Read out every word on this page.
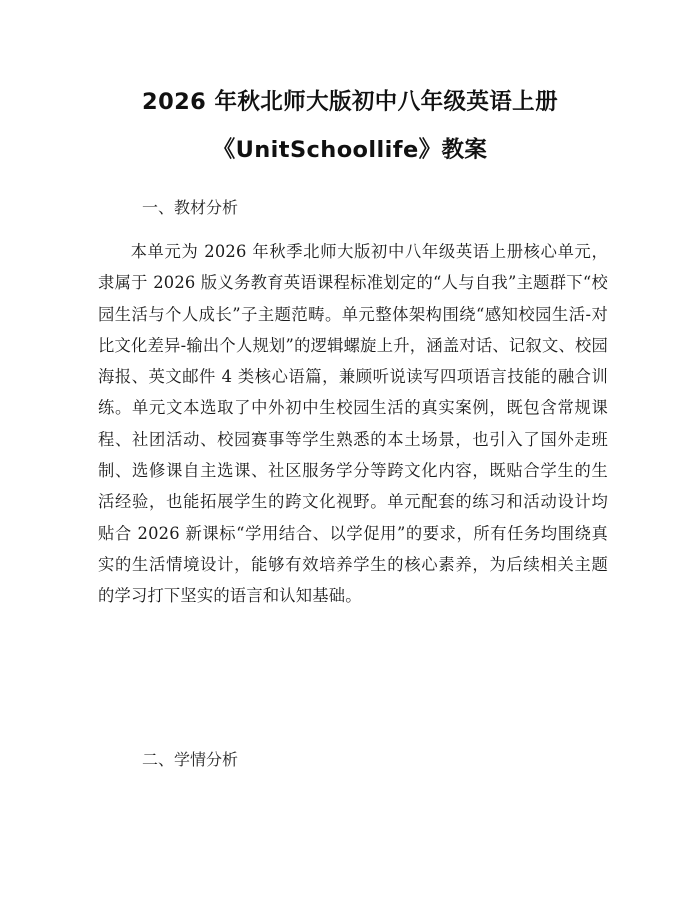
2026 年秋北师大版初中八年级英语上册
《UnitSchoollife》教案
一、教材分析

本单元为 2026 年秋季北师大版初中八年级英语上册核心单元，隶属于 2026 版义务教育英语课程标准划定的“人与自我”主题群下“校园生活与个人成长”子主题范畴。单元整体架构围绕“感知校园生活-对比文化差异-输出个人规划”的逻辑螺旋上升，涵盖对话、记叙文、校园海报、英文邮件 4 类核心语篇，兼顾听说读写四项语言技能的融合训练。单元文本选取了中外初中生校园生活的真实案例，既包含常规课程、社团活动、校园赛事等学生熟悉的本土场景，也引入了国外走班制、选修课自主选课、社区服务学分等跨文化内容，既贴合学生的生活经验，也能拓展学生的跨文化视野。单元配套的练习和活动设计均贴合 2026 新课标“学用结合、以学促用”的要求，所有任务均围绕真实的生活情境设计，能够有效培养学生的核心素养，为后续相关主题的学习打下坚实的语言和认知基础。

二、学情分析
